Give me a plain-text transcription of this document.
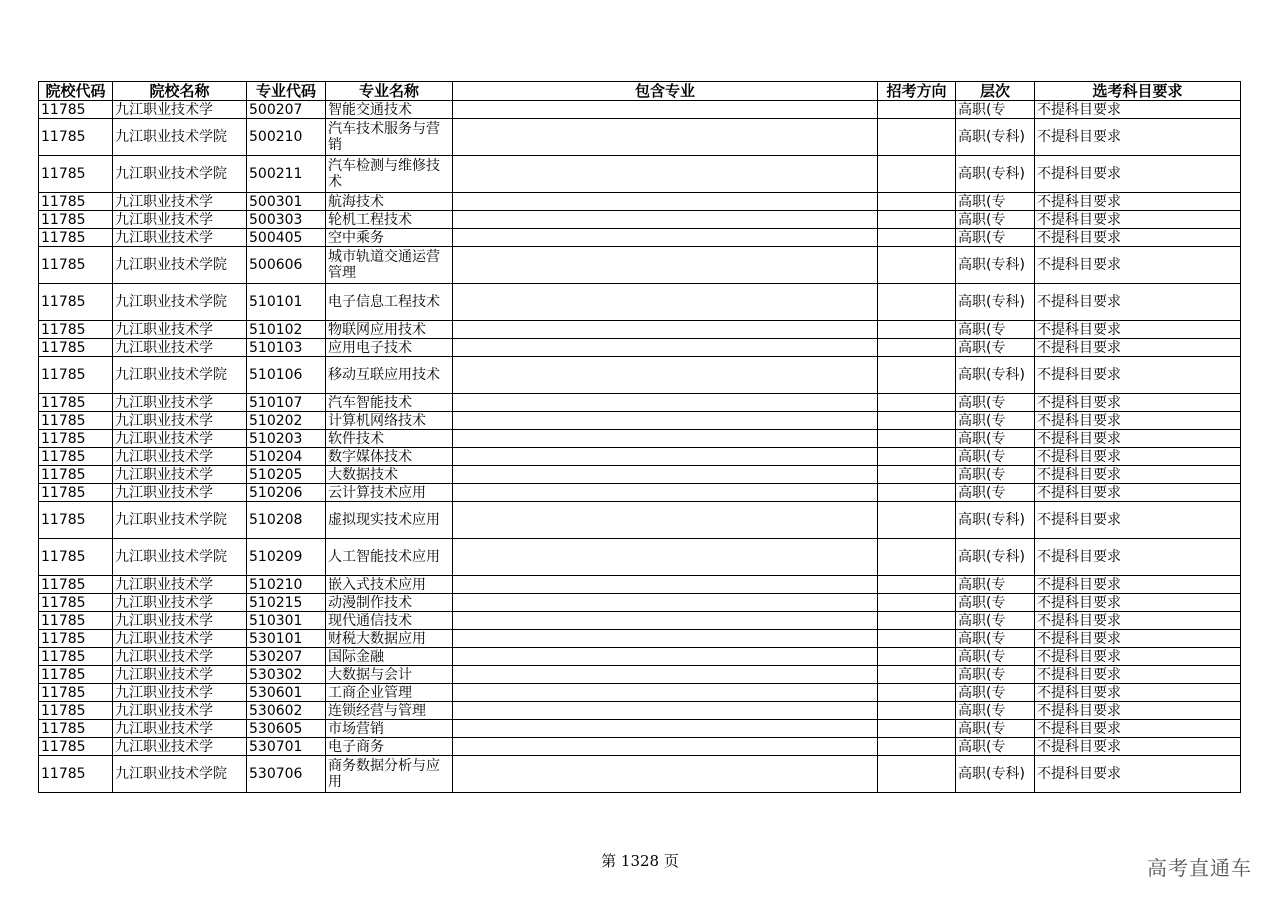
院校代码	院校名称	专业代码	专业名称	包含专业	招考方向	层次	选考科目要求
11785	九江职业技术学	500207	智能交通技术			高职(专	不提科目要求
11785	九江职业技术学院	500210	汽车技术服务与营销			高职(专科)	不提科目要求
11785	九江职业技术学院	500211	汽车检测与维修技术			高职(专科)	不提科目要求
11785	九江职业技术学	500301	航海技术			高职(专	不提科目要求
11785	九江职业技术学	500303	轮机工程技术			高职(专	不提科目要求
11785	九江职业技术学	500405	空中乘务			高职(专	不提科目要求
11785	九江职业技术学院	500606	城市轨道交通运营管理			高职(专科)	不提科目要求
11785	九江职业技术学院	510101	电子信息工程技术			高职(专科)	不提科目要求
11785	九江职业技术学	510102	物联网应用技术			高职(专	不提科目要求
11785	九江职业技术学	510103	应用电子技术			高职(专	不提科目要求
11785	九江职业技术学院	510106	移动互联应用技术			高职(专科)	不提科目要求
11785	九江职业技术学	510107	汽车智能技术			高职(专	不提科目要求
11785	九江职业技术学	510202	计算机网络技术			高职(专	不提科目要求
11785	九江职业技术学	510203	软件技术			高职(专	不提科目要求
11785	九江职业技术学	510204	数字媒体技术			高职(专	不提科目要求
11785	九江职业技术学	510205	大数据技术			高职(专	不提科目要求
11785	九江职业技术学	510206	云计算技术应用			高职(专	不提科目要求
11785	九江职业技术学院	510208	虚拟现实技术应用			高职(专科)	不提科目要求
11785	九江职业技术学院	510209	人工智能技术应用			高职(专科)	不提科目要求
11785	九江职业技术学	510210	嵌入式技术应用			高职(专	不提科目要求
11785	九江职业技术学	510215	动漫制作技术			高职(专	不提科目要求
11785	九江职业技术学	510301	现代通信技术			高职(专	不提科目要求
11785	九江职业技术学	530101	财税大数据应用			高职(专	不提科目要求
11785	九江职业技术学	530207	国际金融			高职(专	不提科目要求
11785	九江职业技术学	530302	大数据与会计			高职(专	不提科目要求
11785	九江职业技术学	530601	工商企业管理			高职(专	不提科目要求
11785	九江职业技术学	530602	连锁经营与管理			高职(专	不提科目要求
11785	九江职业技术学	530605	市场营销			高职(专	不提科目要求
11785	九江职业技术学	530701	电子商务			高职(专	不提科目要求
11785	九江职业技术学院	530706	商务数据分析与应用			高职(专科)	不提科目要求
第 1328 页	高考直通车
